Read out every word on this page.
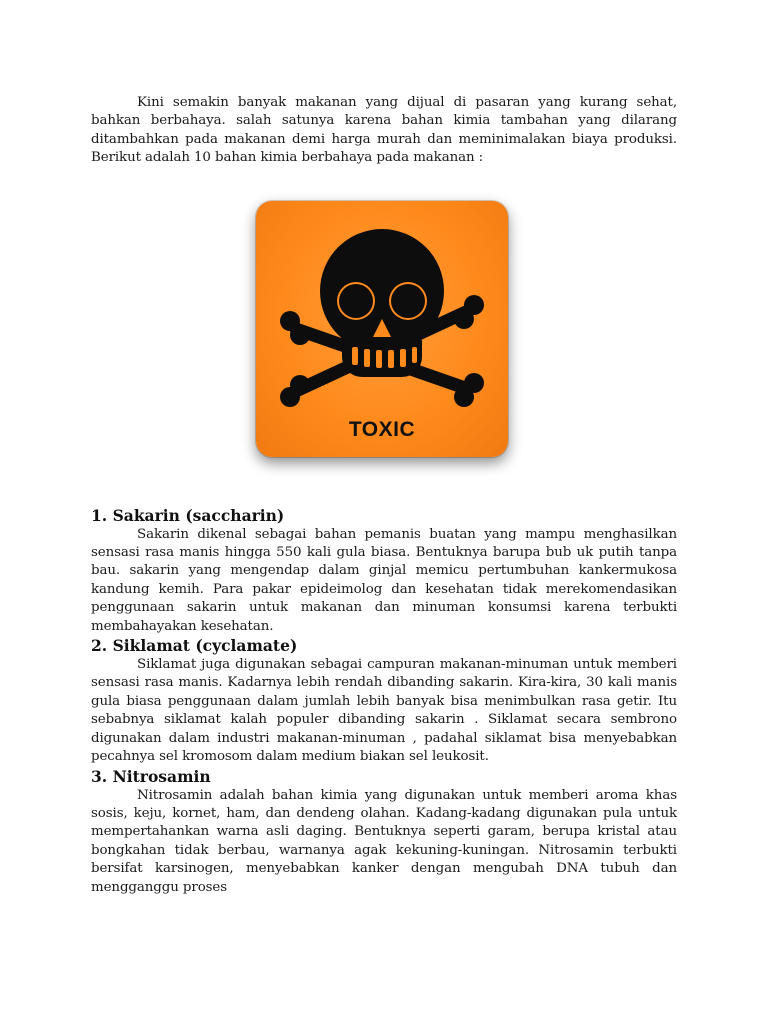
Kini semakin banyak makanan yang dijual di pasaran yang kurang sehat, bahkan berbahaya. salah satunya karena bahan kimia tambahan yang dilarang ditambahkan pada makanan demi harga murah dan meminimalakan biaya produksi. Berikut adalah 10 bahan kimia berbahaya pada makanan :

TOXIC
1. Sakarin (saccharin)

Sakarin dikenal sebagai bahan pemanis buatan yang mampu menghasilkan sensasi rasa manis hingga 550 kali gula biasa. Bentuknya barupa bub uk putih tanpa bau. sakarin yang mengendap dalam ginjal memicu pertumbuhan kankermukosa kandung kemih. Para pakar epideimolog dan kesehatan tidak merekomendasikan penggunaan sakarin untuk makanan dan minuman konsumsi karena terbukti membahayakan kesehatan.

2. Siklamat (cyclamate)

Siklamat juga digunakan sebagai campuran makanan-minuman untuk memberi sensasi rasa manis. Kadarnya lebih rendah dibanding sakarin. Kira-kira, 30 kali manis gula biasa penggunaan dalam jumlah lebih banyak bisa menimbulkan rasa getir. Itu sebabnya siklamat kalah populer dibanding sakarin . Siklamat secara sembrono digunakan dalam industri makanan-minuman , padahal siklamat bisa menyebabkan pecahnya sel kromosom dalam medium biakan sel leukosit.

3. Nitrosamin

Nitrosamin adalah bahan kimia yang digunakan untuk memberi aroma khas sosis, keju, kornet, ham, dan dendeng olahan. Kadang-kadang digunakan pula untuk mempertahankan warna asli daging. Bentuknya seperti garam, berupa kristal atau bongkahan tidak berbau, warnanya agak kekuning-kuningan. Nitrosamin terbukti bersifat karsinogen, menyebabkan kanker dengan mengubah DNA tubuh dan mengganggu proses
